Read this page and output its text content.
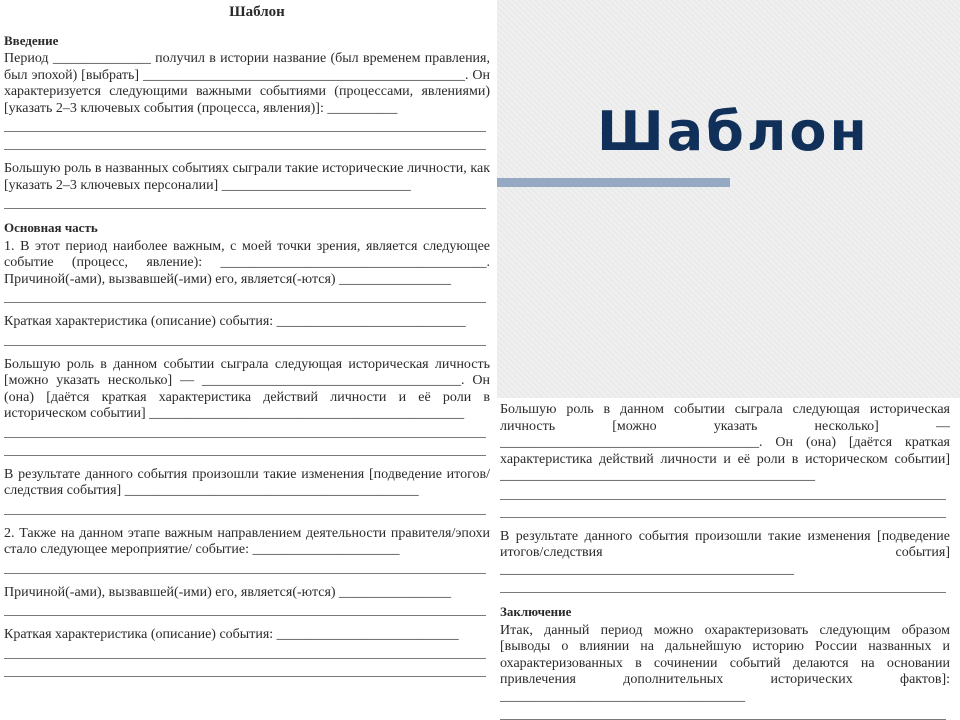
Шаблон
Шаблон
Введение
Период ______________ получил в истории название (был временем правления, был эпохой) [выбрать] ______________________________________________. Он характеризуется следующими важными событиями (процессами, явлениями) [указать 2–3 ключевых события (процесса, явления)]: __________
Большую роль в названных событиях сыграли такие исторические личности, как [указать 2–3 ключевых персоналии] ___________________________
Основная часть
1. В этот период наиболее важным, с моей точки зрения, является следующее событие (процесс, явление): ______________________________________. Причиной(-ами), вызвавшей(-ими) его, является(-ются) ________________
Краткая характеристика (описание) события: ___________________________
Большую роль в данном событии сыграла следующая историческая личность [можно указать несколько] — _____________________________________. Он (она) [даётся краткая характеристика действий личности и её роли в историческом событии] _____________________________________________
В результате данного события произошли такие изменения [подведение итогов/следствия события] __________________________________________
2. Также на данном этапе важным направлением деятельности правителя/эпохи стало следующее мероприятие/ событие: _____________________
Причиной(-ами), вызвавшей(-ими) его, является(-ются) ________________
Краткая характеристика (описание) события: __________________________
Большую роль в данном событии сыграла следующая историческая личность [можно указать несколько] — _____________________________________. Он (она) [даётся краткая характеристика действий личности и её роли в историческом событии] _____________________________________________
В результате данного события произошли такие изменения [подведение итогов/следствия события] __________________________________________
Заключение
Итак, данный период можно охарактеризовать следующим образом [выводы о влиянии на дальнейшую историю России названных и охарактеризованных в сочинении событий делаются на основании привлечения дополнительных исторических фактов]: ___________________________________
